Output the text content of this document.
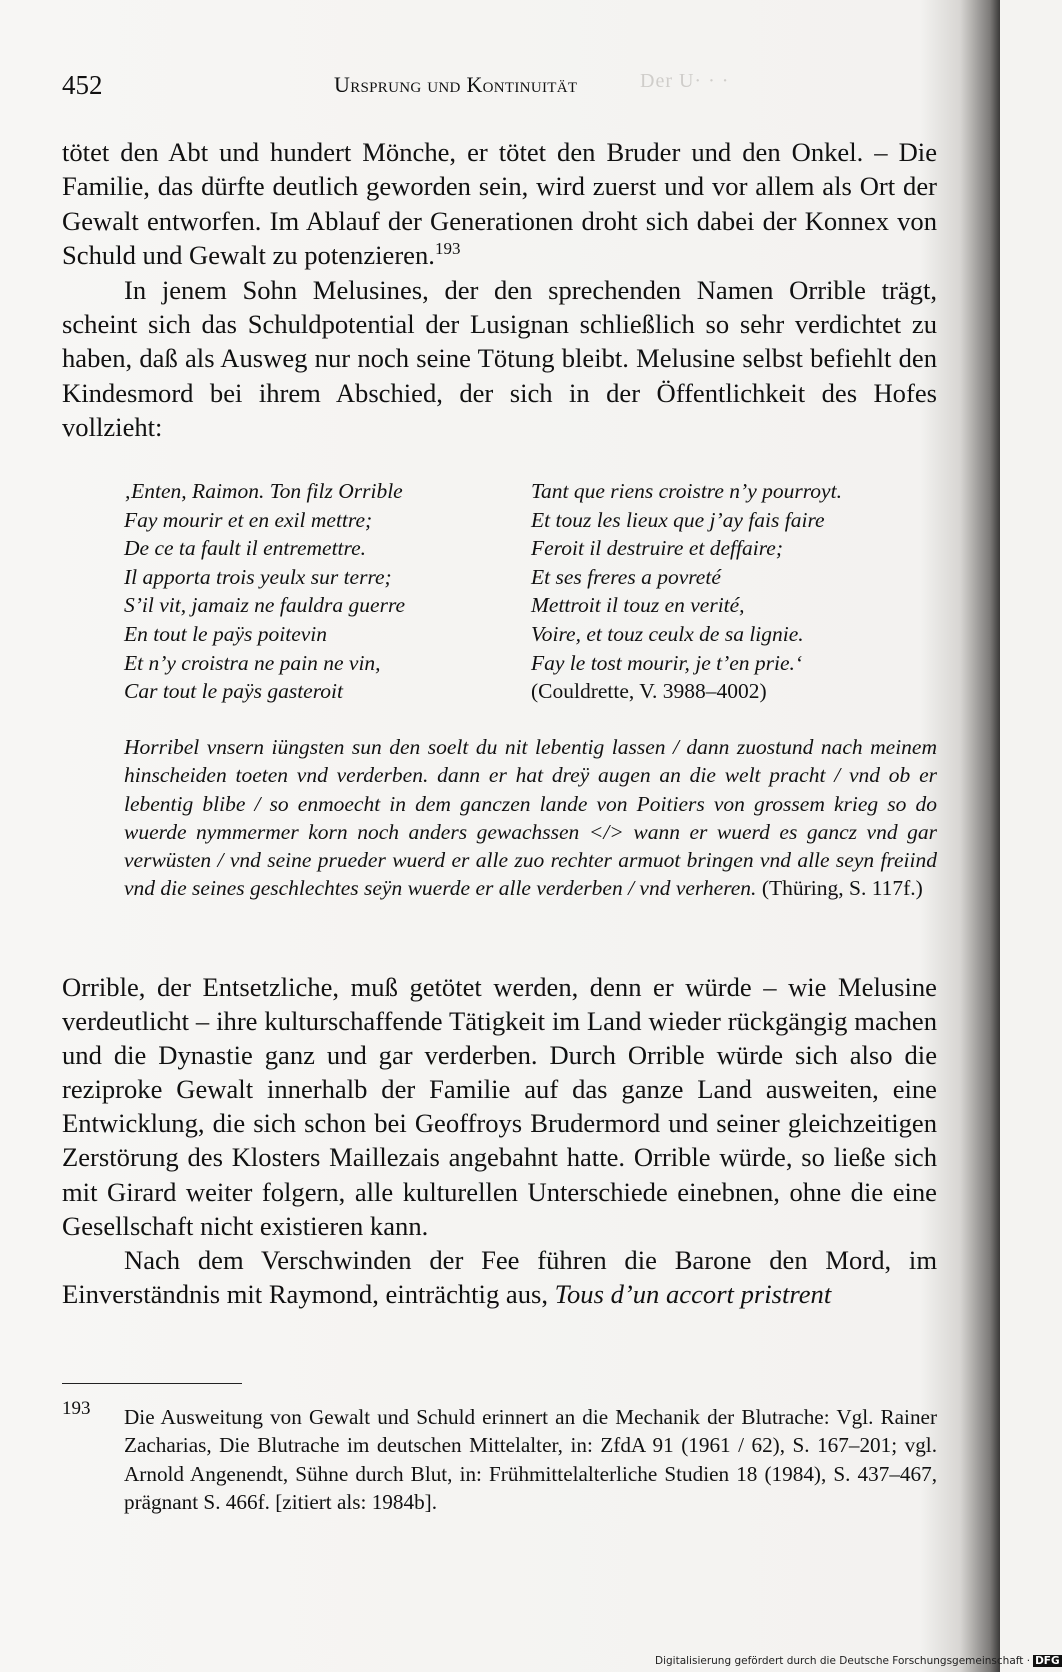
Der U· · ·
452	Ursprung und Kontinuität

tötet den Abt und hundert Mönche, er tötet den Bruder und den Onkel. – Die Familie, das dürfte deutlich geworden sein, wird zuerst und vor allem als Ort der Gewalt entworfen. Im Ablauf der Generationen droht sich dabei der Konnex von Schuld und Gewalt zu potenzieren.$^{193}$

In jenem Sohn Melusines, der den sprechenden Namen Orrible trägt, scheint sich das Schuldpotential der Lusignan schließlich so sehr verdichtet zu haben, daß als Ausweg nur noch seine Tötung bleibt. Melusine selbst befiehlt den Kindesmord bei ihrem Abschied, der sich in der Öffentlichkeit des Hofes vollzieht:

‚Enten, Raimon. Ton filz Orrible
Fay mourir et en exil mettre;
De ce ta fault il entremettre.
Il apporta trois yeulx sur terre;
S’il vit, jamaiz ne fauldra guerre
En tout le paÿs poitevin
Et n’y croistra ne pain ne vin,
Car tout le paÿs gasteroit
Tant que riens croistre n’y pourroyt.
Et touz les lieux que j’ay fais faire
Feroit il destruire et deffaire;
Et ses freres a povreté
Mettroit il touz en verité,
Voire, et touz ceulx de sa lignie.
Fay le tost mourir, je t’en prie.‘
(Couldrette, V. 3988–4002)
Horribel vnsern iüngsten sun den soelt du nit lebentig lassen / dann zuostund nach meinem hinscheiden toeten vnd verderben. dann er hat dreÿ augen an die welt pracht / vnd ob er lebentig blibe / so enmoecht in dem ganczen lande von Poitiers von grossem krieg so do wuerde nymmermer korn noch anders gewachssen </> wann er wuerd es gancz vnd gar verwüsten / vnd seine prueder wuerd er alle zuo rechter armuot bringen vnd alle seyn freiind vnd die seines geschlechtes seÿn wuerde er alle verderben / vnd verheren. (Thüring, S. 117f.)

Orrible, der Entsetzliche, muß getötet werden, denn er würde – wie Melusine verdeutlicht – ihre kulturschaffende Tätigkeit im Land wieder rückgängig machen und die Dynastie ganz und gar verderben. Durch Orrible würde sich also die reziproke Gewalt innerhalb der Familie auf das ganze Land ausweiten, eine Entwicklung, die sich schon bei Geoffroys Brudermord und seiner gleichzeitigen Zerstörung des Klosters Maillezais angebahnt hatte. Orrible würde, so ließe sich mit Girard weiter folgern, alle kulturellen Unterschiede einebnen, ohne die eine Gesellschaft nicht existieren kann.

Nach dem Verschwinden der Fee führen die Barone den Mord, im Einverständnis mit Raymond, einträchtig aus, Tous d’un accort pristrent

193 Die Ausweitung von Gewalt und Schuld erinnert an die Mechanik der Blutrache: Vgl. Rainer Zacharias, Die Blutrache im deutschen Mittelalter, in: ZfdA 91 (1961 / 62), S. 167–201; vgl. Arnold Angenendt, Sühne durch Blut, in: Frühmittelalterliche Studien 18 (1984), S. 437–467, prägnant S. 466f. [zitiert als: 1984b].
Digitalisierung gefördert durch die Deutsche Forschungsgemeinschaft · DFG
